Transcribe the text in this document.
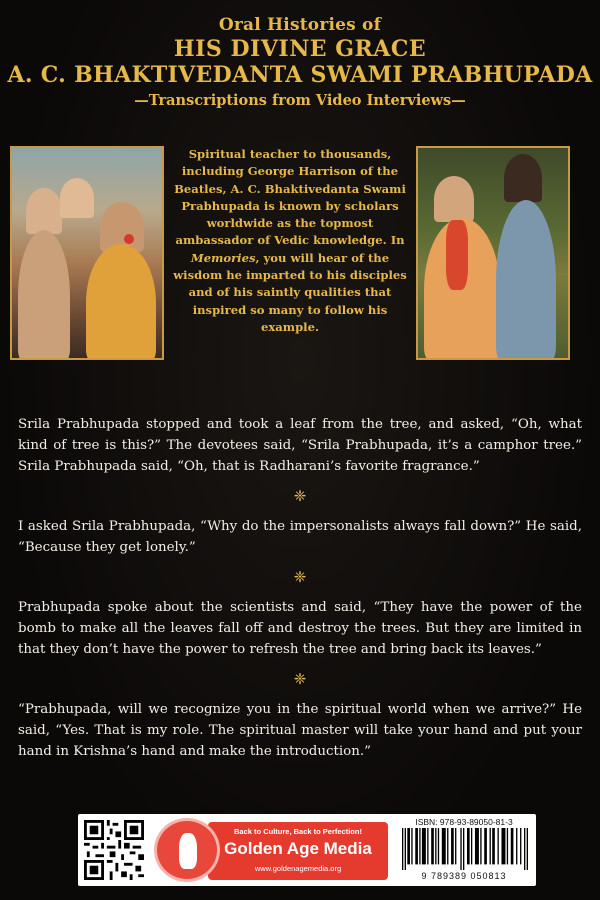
Oral Histories of
HIS DIVINE GRACE
A. C. BHAKTIVEDANTA SWAMI PRABHUPADA
—Transcriptions from Video Interviews—
Spiritual teacher to thousands, including George Harrison of the Beatles, A. C. Bhaktivedanta Swami Prabhupada is known by scholars worldwide as the topmost ambassador of Vedic knowledge. In Memories, you will hear of the wisdom he imparted to his disciples and of his saintly qualities that inspired so many to follow his example.

Srila Prabhupada stopped and took a leaf from the tree, and asked, “Oh, what kind of tree is this?” The devotees said, “Srila Prabhupada, it’s a camphor tree.” Srila Prabhupada said, “Oh, that is Radharani’s favorite fragrance.”

❈

I asked Srila Prabhupada, “Why do the impersonalists always fall down?” He said, “Because they get lonely.”

❈

Prabhupada spoke about the scientists and said, “They have the power of the bomb to make all the leaves fall off and destroy the trees. But they are limited in that they don’t have the power to refresh the tree and bring back its leaves.”

❈

“Prabhupada, will we recognize you in the spiritual world when we arrive?” He said, “Yes. That is my role. The spiritual master will take your hand and put your hand in Krishna’s hand and make the introduction.”

Back to Culture, Back to Perfection!
Golden Age Media
www.goldenagemedia.org
ISBN: 978-93-89050-81-3
9 789389 050813
